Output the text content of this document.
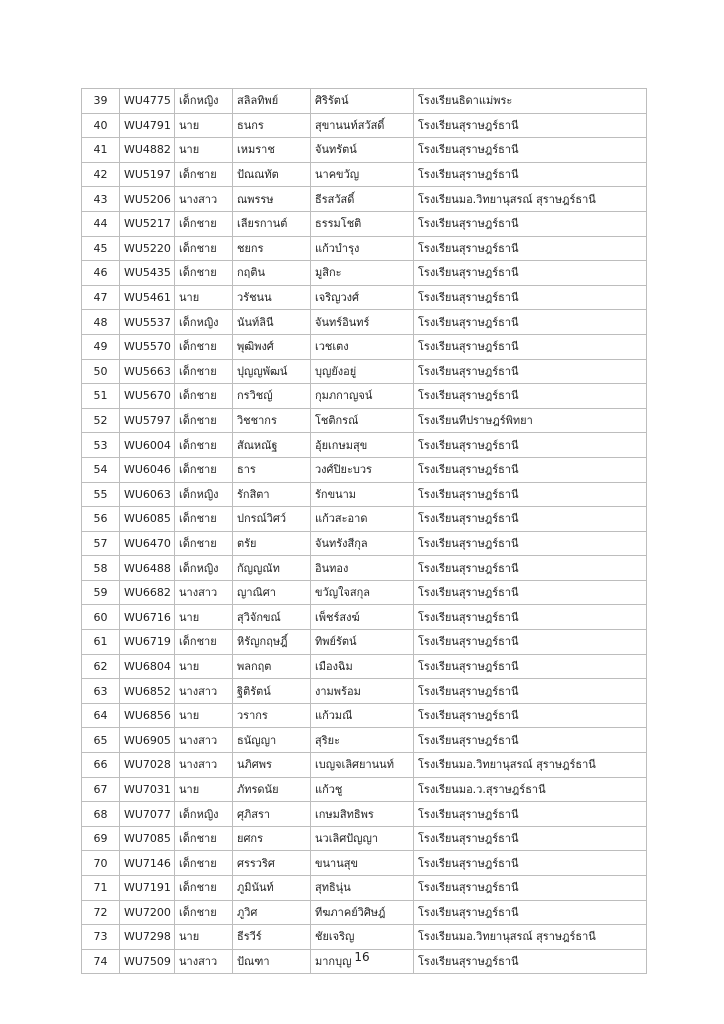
39	WU4775	เด็กหญิง	สลิลทิพย์	ศิริรัตน์	โรงเรียนธิดาแม่พระ
40	WU4791	นาย	ธนกร	สุขานนท์สวัสดิ์	โรงเรียนสุราษฎร์ธานี
41	WU4882	นาย	เหมราช	จันทรัตน์	โรงเรียนสุราษฎร์ธานี
42	WU5197	เด็กชาย	ปัณณทัต	นาคขวัญ	โรงเรียนสุราษฎร์ธานี
43	WU5206	นางสาว	ณพรรษ	ธีรสวัสดิ์	โรงเรียนมอ.วิทยานุสรณ์ สุราษฎร์ธานี
44	WU5217	เด็กชาย	เลียรกานต์	ธรรมโชติ	โรงเรียนสุราษฎร์ธานี
45	WU5220	เด็กชาย	ชยกร	แก้วบำรุง	โรงเรียนสุราษฎร์ธานี
46	WU5435	เด็กชาย	กฤติน	มูสิกะ	โรงเรียนสุราษฎร์ธานี
47	WU5461	นาย	วรัชนน	เจริญวงศ์	โรงเรียนสุราษฎร์ธานี
48	WU5537	เด็กหญิง	นันท์ลินี	จันทร์อินทร์	โรงเรียนสุราษฎร์ธานี
49	WU5570	เด็กชาย	พุฒิพงศ์	เวชเตง	โรงเรียนสุราษฎร์ธานี
50	WU5663	เด็กชาย	ปุญญพัฒน์	บุญยังอยู่	โรงเรียนสุราษฎร์ธานี
51	WU5670	เด็กชาย	กรวิชญ์	กุมภกาญจน์	โรงเรียนสุราษฎร์ธานี
52	WU5797	เด็กชาย	วิชชากร	โชติกรณ์	โรงเรียนทีปราษฎร์พิทยา
53	WU6004	เด็กชาย	สัณหณัฐ	อุ้ยเกษมสุข	โรงเรียนสุราษฎร์ธานี
54	WU6046	เด็กชาย	ธาร	วงศ์ปิยะบวร	โรงเรียนสุราษฎร์ธานี
55	WU6063	เด็กหญิง	รักสิตา	รักขนาม	โรงเรียนสุราษฎร์ธานี
56	WU6085	เด็กชาย	ปกรณ์วิศว์	แก้วสะอาด	โรงเรียนสุราษฎร์ธานี
57	WU6470	เด็กชาย	ตรัย	จันทรังสีกุล	โรงเรียนสุราษฎร์ธานี
58	WU6488	เด็กหญิง	กัญญณัท	อินทอง	โรงเรียนสุราษฎร์ธานี
59	WU6682	นางสาว	ญาณิศา	ขวัญใจสกุล	โรงเรียนสุราษฎร์ธานี
60	WU6716	นาย	สุวิจักขณ์	เพ็ชร์สงฆ์	โรงเรียนสุราษฎร์ธานี
61	WU6719	เด็กชาย	หิรัญกฤษฎิ์	ทิพย์รัตน์	โรงเรียนสุราษฎร์ธานี
62	WU6804	นาย	พลกฤต	เมืองฉิม	โรงเรียนสุราษฎร์ธานี
63	WU6852	นางสาว	ฐิติรัตน์	งามพร้อม	โรงเรียนสุราษฎร์ธานี
64	WU6856	นาย	วรากร	แก้วมณี	โรงเรียนสุราษฎร์ธานี
65	WU6905	นางสาว	ธนัญญา	สุริยะ	โรงเรียนสุราษฎร์ธานี
66	WU7028	นางสาว	นภิศพร	เบญจเลิศยานนท์	โรงเรียนมอ.วิทยานุสรณ์ สุราษฎร์ธานี
67	WU7031	นาย	ภัทรดนัย	แก้วชู	โรงเรียนมอ.ว.สุราษฎร์ธานี
68	WU7077	เด็กหญิง	ศุภิสรา	เกษมสิทธิพร	โรงเรียนสุราษฎร์ธานี
69	WU7085	เด็กชาย	ยศกร	นวเลิศปัญญา	โรงเรียนสุราษฎร์ธานี
70	WU7146	เด็กชาย	ศรรวริศ	ขนานสุข	โรงเรียนสุราษฎร์ธานี
71	WU7191	เด็กชาย	ภูมินันท์	สุทธินุ่น	โรงเรียนสุราษฎร์ธานี
72	WU7200	เด็กชาย	ภูวิศ	ทีฆภาคย์วิศิษฎ์	โรงเรียนสุราษฎร์ธานี
73	WU7298	นาย	ธีรวีร์	ชัยเจริญ	โรงเรียนมอ.วิทยานุสรณ์ สุราษฎร์ธานี
74	WU7509	นางสาว	ปัณฑา	มากบุญ	โรงเรียนสุราษฎร์ธานี
16
